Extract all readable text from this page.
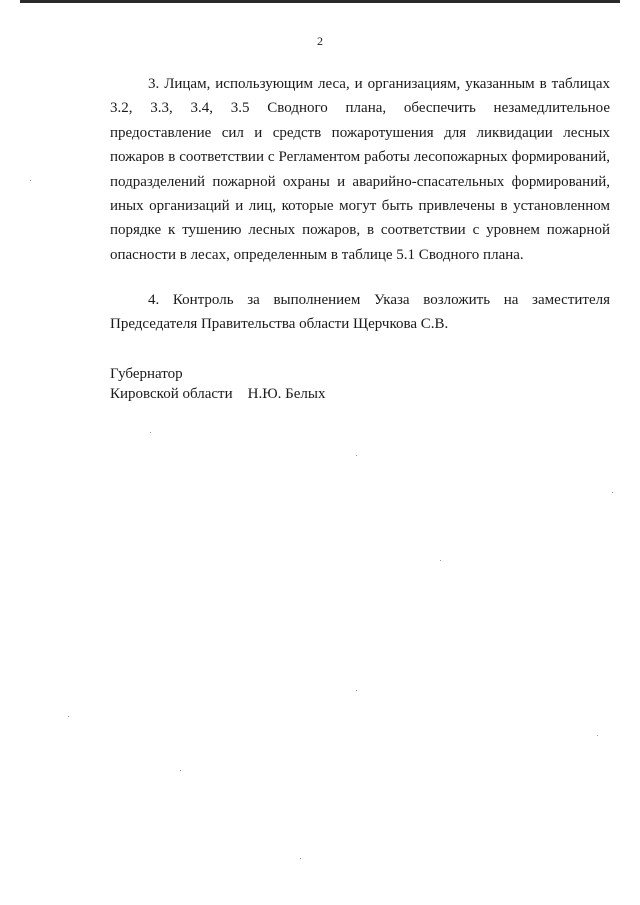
2

3. Лицам, использующим леса, и организациям, указанным в таблицах 3.2, 3.3, 3.4, 3.5 Сводного плана, обеспечить незамедлительное предоставление сил и средств пожаротушения для ликвидации лесных пожаров в соответствии с Регламентом работы лесопожарных формирований, подразделений пожарной охраны и аварийно-спасательных формирований, иных организаций и лиц, которые могут быть привлечены в установленном порядке к тушению лесных пожаров, в соответствии с уровнем пожарной опасности в лесах, определенным в таблице 5.1 Сводного плана.

4. Контроль за выполнением Указа возложить на заместителя Председателя Правительства области Щерчкова С.В.

Губернатор
Кировской области Н.Ю. Белых
